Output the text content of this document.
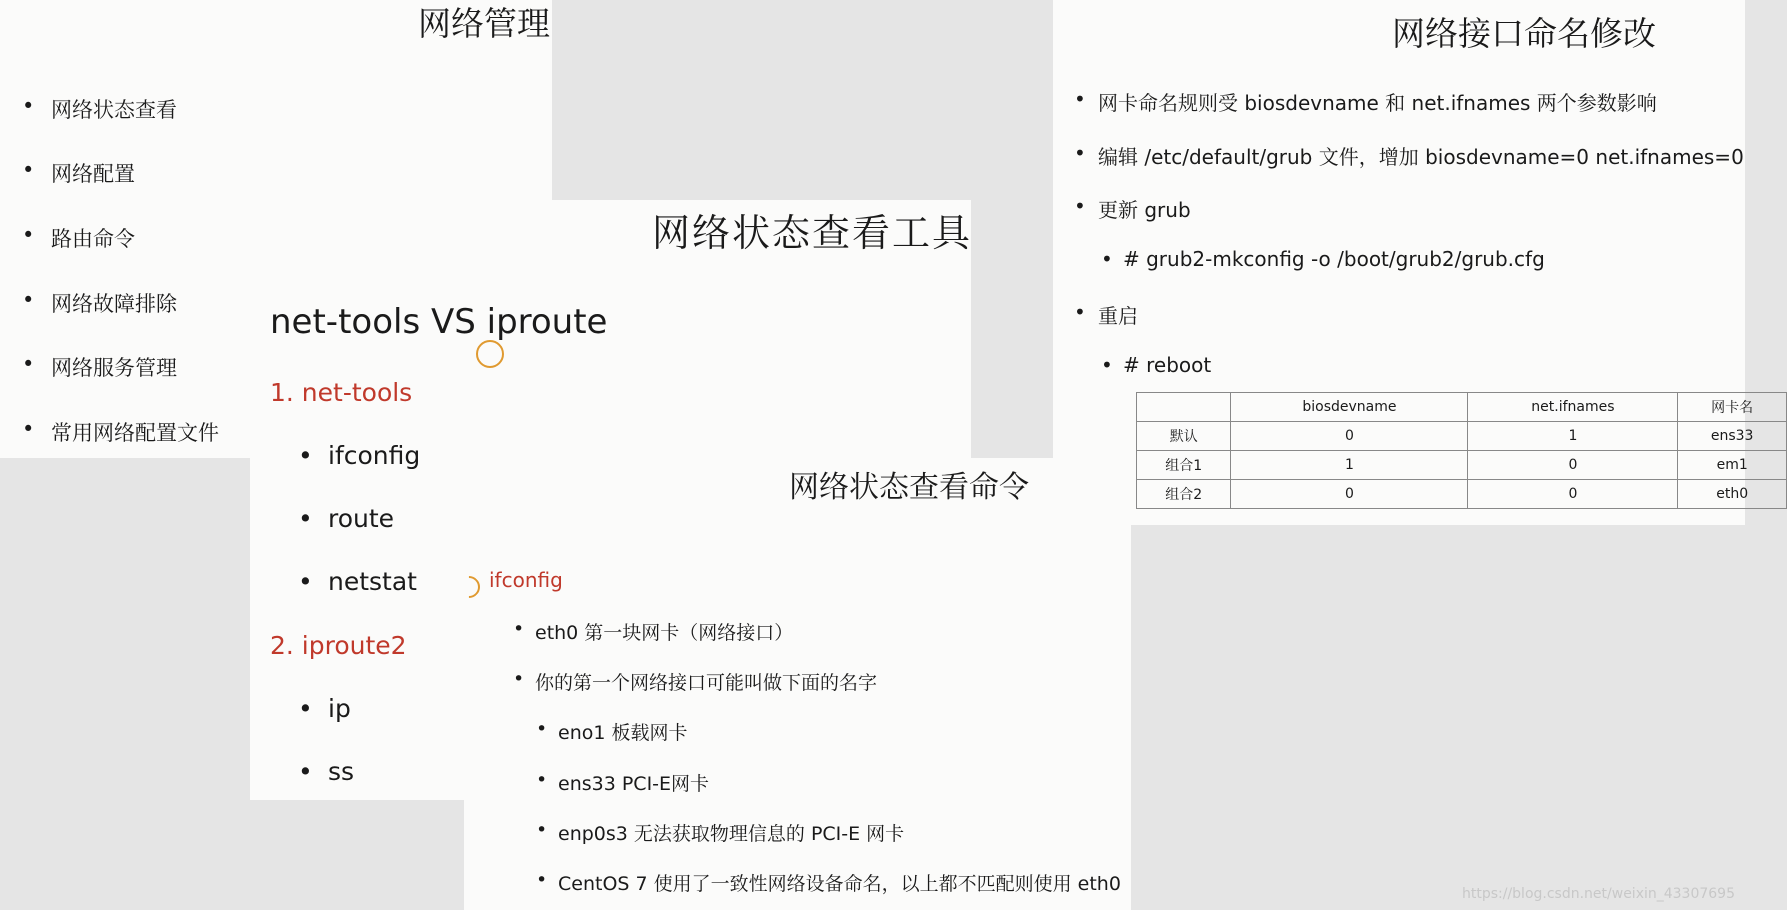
网络管理
• 网络状态查看
• 网络配置
• 路由命令
• 网络故障排除
• 网络服务管理
• 常用网络配置文件
网络状态查看工具
net-tools VS iproute
1. net-tools
• ifconfig
• route
• netstat
2. iproute2
• ip
• ss
网络接口命名修改
• 网卡命名规则受 biosdevname 和 net.ifnames 两个参数影响
• 编辑 /etc/default/grub 文件，增加 biosdevname=0 net.ifnames=0
• 更新 grub
• # grub2-mkconfig -o /boot/grub2/grub.cfg
• 重启
• # reboot
	biosdevname	net.ifnames	网卡名
默认	0	1	ens33
组合1	1	0	em1
组合2	0	0	eth0
网络状态查看命令
ifconfig
• eth0 第一块网卡（网络接口）
• 你的第一个网络接口可能叫做下面的名字
• eno1 板载网卡
• ens33 PCI-E网卡
• enp0s3 无法获取物理信息的 PCI-E 网卡
• CentOS 7 使用了一致性网络设备命名，以上都不匹配则使用 eth0	https://blog.csdn.net/weixin_43307695
